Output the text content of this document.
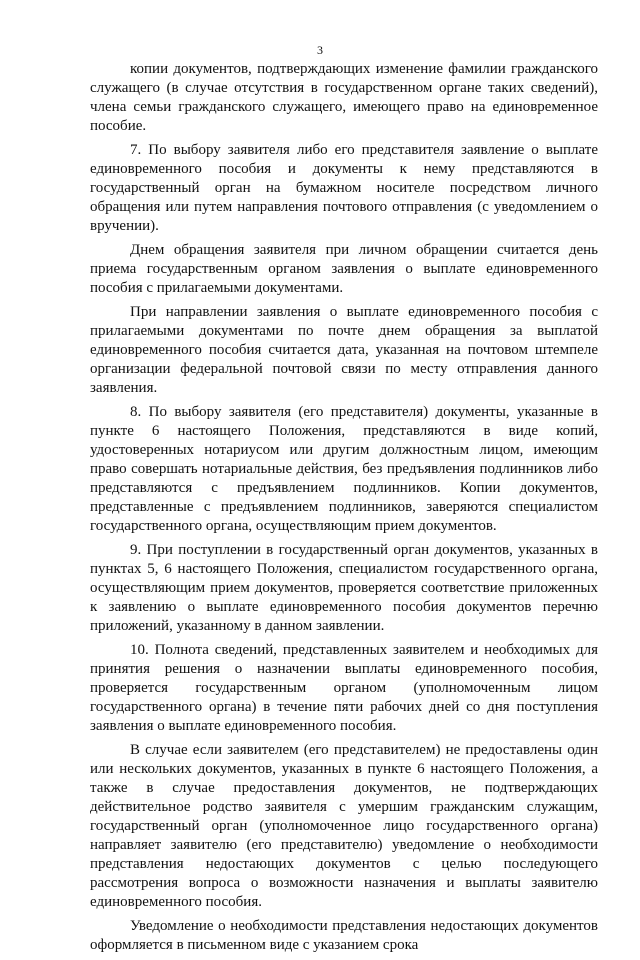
3

копии документов, подтверждающих изменение фамилии гражданского служащего (в случае отсутствия в государственном органе таких сведений), члена семьи гражданского служащего, имеющего право на единовременное пособие.

7. По выбору заявителя либо его представителя заявление о выплате единовременного пособия и документы к нему представляются в государственный орган на бумажном носителе посредством личного обращения или путем направления почтового отправления (с уведомлением о вручении).

Днем обращения заявителя при личном обращении считается день приема государственным органом заявления о выплате единовременного пособия с прилагаемыми документами.

При направлении заявления о выплате единовременного пособия с прилагаемыми документами по почте днем обращения за выплатой единовременного пособия считается дата, указанная на почтовом штемпеле организации федеральной почтовой связи по месту отправления данного заявления.

8. По выбору заявителя (его представителя) документы, указанные в пункте 6 настоящего Положения, представляются в виде копий, удостоверенных нотариусом или другим должностным лицом, имеющим право совершать нотариальные действия, без предъявления подлинников либо представляются с предъявлением подлинников. Копии документов, представленные с предъявлением подлинников, заверяются специалистом государственного органа, осуществляющим прием документов.

9. При поступлении в государственный орган документов, указанных в пунктах 5, 6 настоящего Положения, специалистом государственного органа, осуществляющим прием документов, проверяется соответствие приложенных к заявлению о выплате единовременного пособия документов перечню приложений, указанному в данном заявлении.

10. Полнота сведений, представленных заявителем и необходимых для принятия решения о назначении выплаты единовременного пособия, проверяется государственным органом (уполномоченным лицом государственного органа) в течение пяти рабочих дней со дня поступления заявления о выплате единовременного пособия.

В случае если заявителем (его представителем) не предоставлены один или нескольких документов, указанных в пункте 6 настоящего Положения, а также в случае предоставления документов, не подтверждающих действительное родство заявителя с умершим гражданским служащим, государственный орган (уполномоченное лицо государственного органа) направляет заявителю (его представителю) уведомление о необходимости представления недостающих документов с целью последующего рассмотрения вопроса о возможности назначения и выплаты заявителю единовременного пособия.

Уведомление о необходимости представления недостающих документов оформляется в письменном виде с указанием срока
